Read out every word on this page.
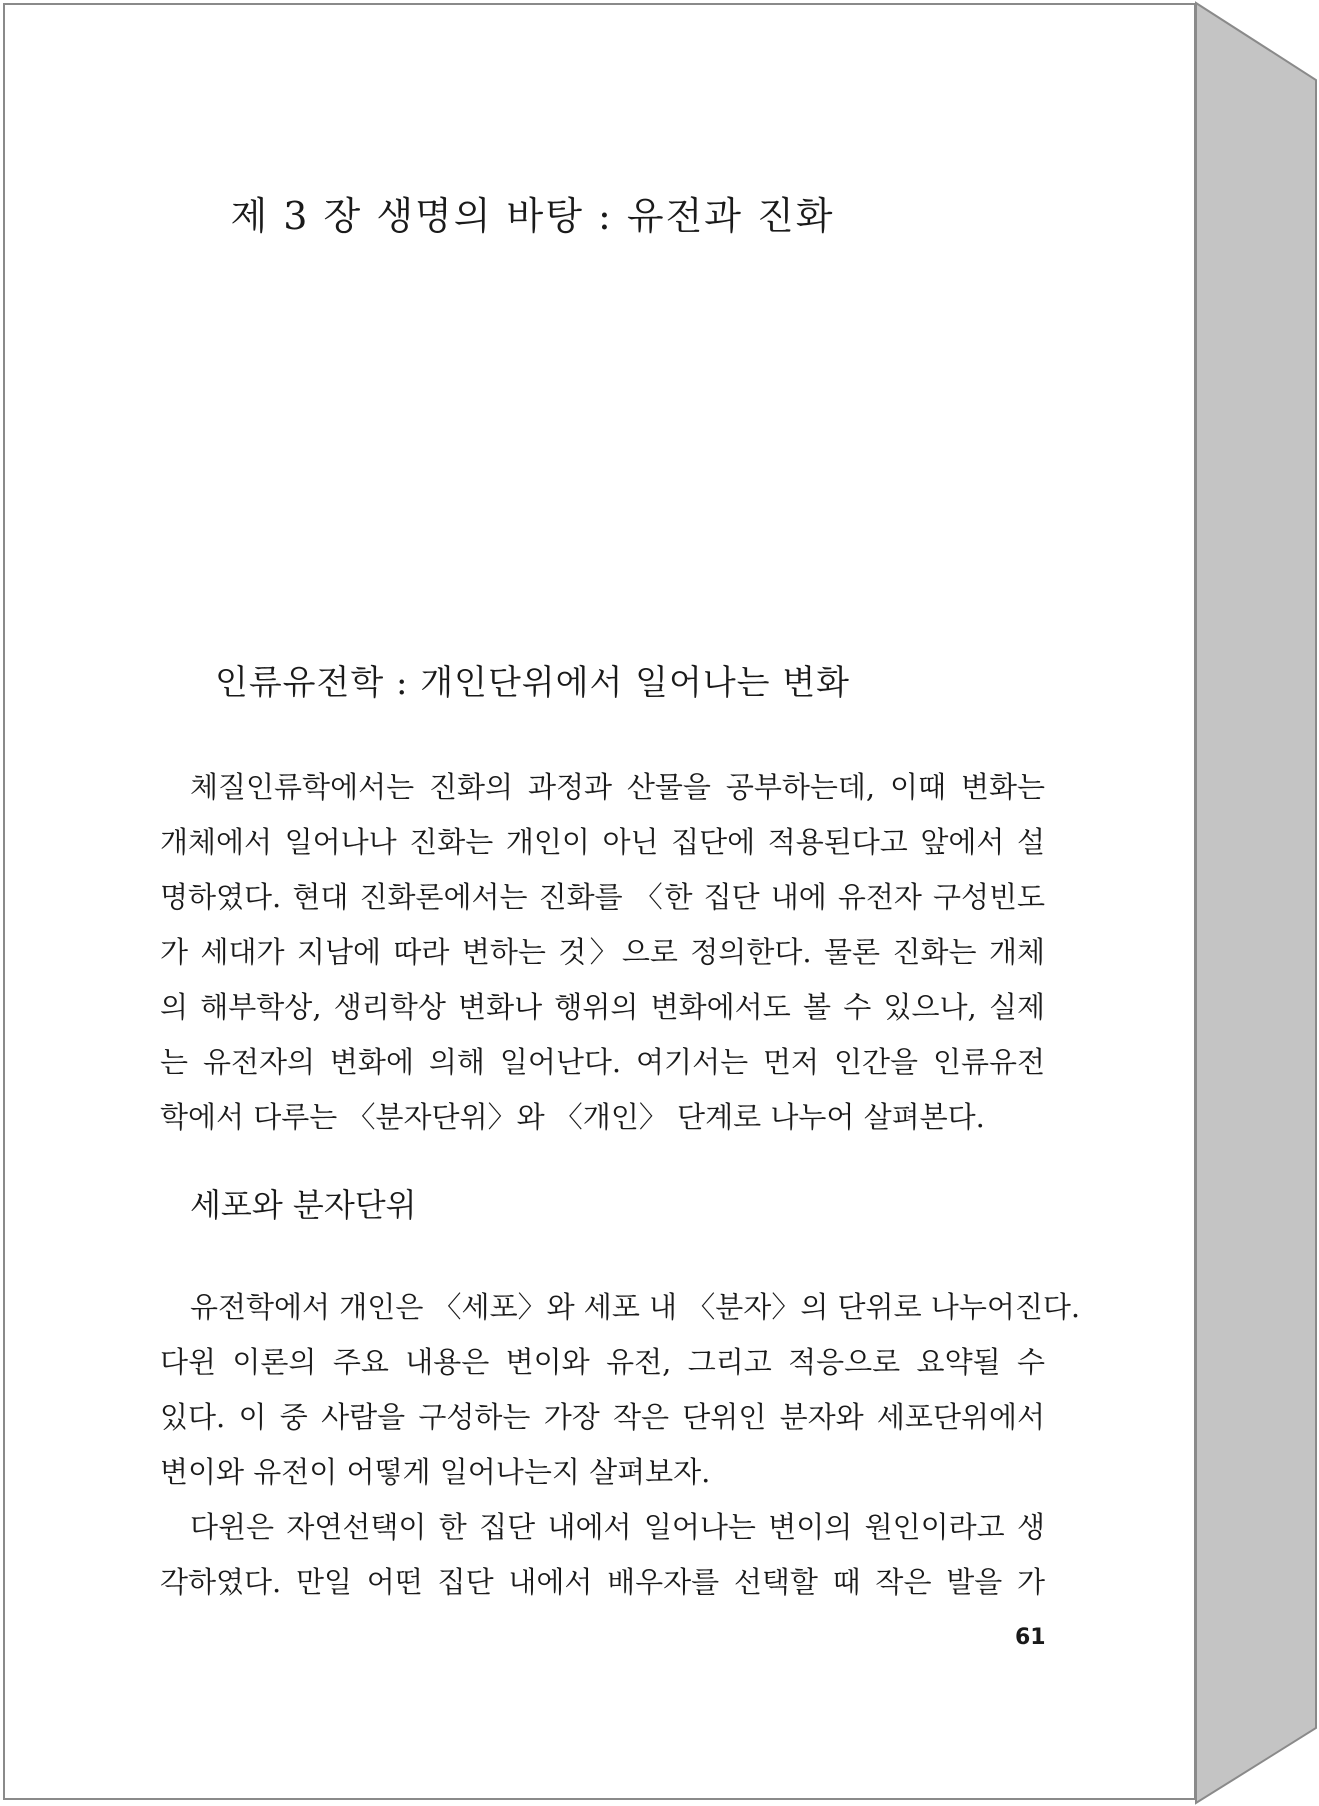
제 3 장 생명의 바탕 : 유전과 진화
인류유전학 : 개인단위에서 일어나는 변화
체질인류학에서는 진화의 과정과 산물을 공부하는데, 이때 변화는
개체에서 일어나나 진화는 개인이 아닌 집단에 적용된다고 앞에서 설
명하였다. 현대 진화론에서는 진화를 〈한 집단 내에 유전자 구성빈도
가 세대가 지남에 따라 변하는 것〉으로 정의한다. 물론 진화는 개체
의 해부학상, 생리학상 변화나 행위의 변화에서도 볼 수 있으나, 실제
는 유전자의 변화에 의해 일어난다. 여기서는 먼저 인간을 인류유전
학에서 다루는 〈분자단위〉와 〈개인〉 단계로 나누어 살펴본다.
세포와 분자단위
유전학에서 개인은 〈세포〉와 세포 내 〈분자〉의 단위로 나누어진다.
다윈 이론의 주요 내용은 변이와 유전, 그리고 적응으로 요약될 수
있다. 이 중 사람을 구성하는 가장 작은 단위인 분자와 세포단위에서
변이와 유전이 어떻게 일어나는지 살펴보자.
다윈은 자연선택이 한 집단 내에서 일어나는 변이의 원인이라고 생
각하였다. 만일 어떤 집단 내에서 배우자를 선택할 때 작은 발을 가
61
